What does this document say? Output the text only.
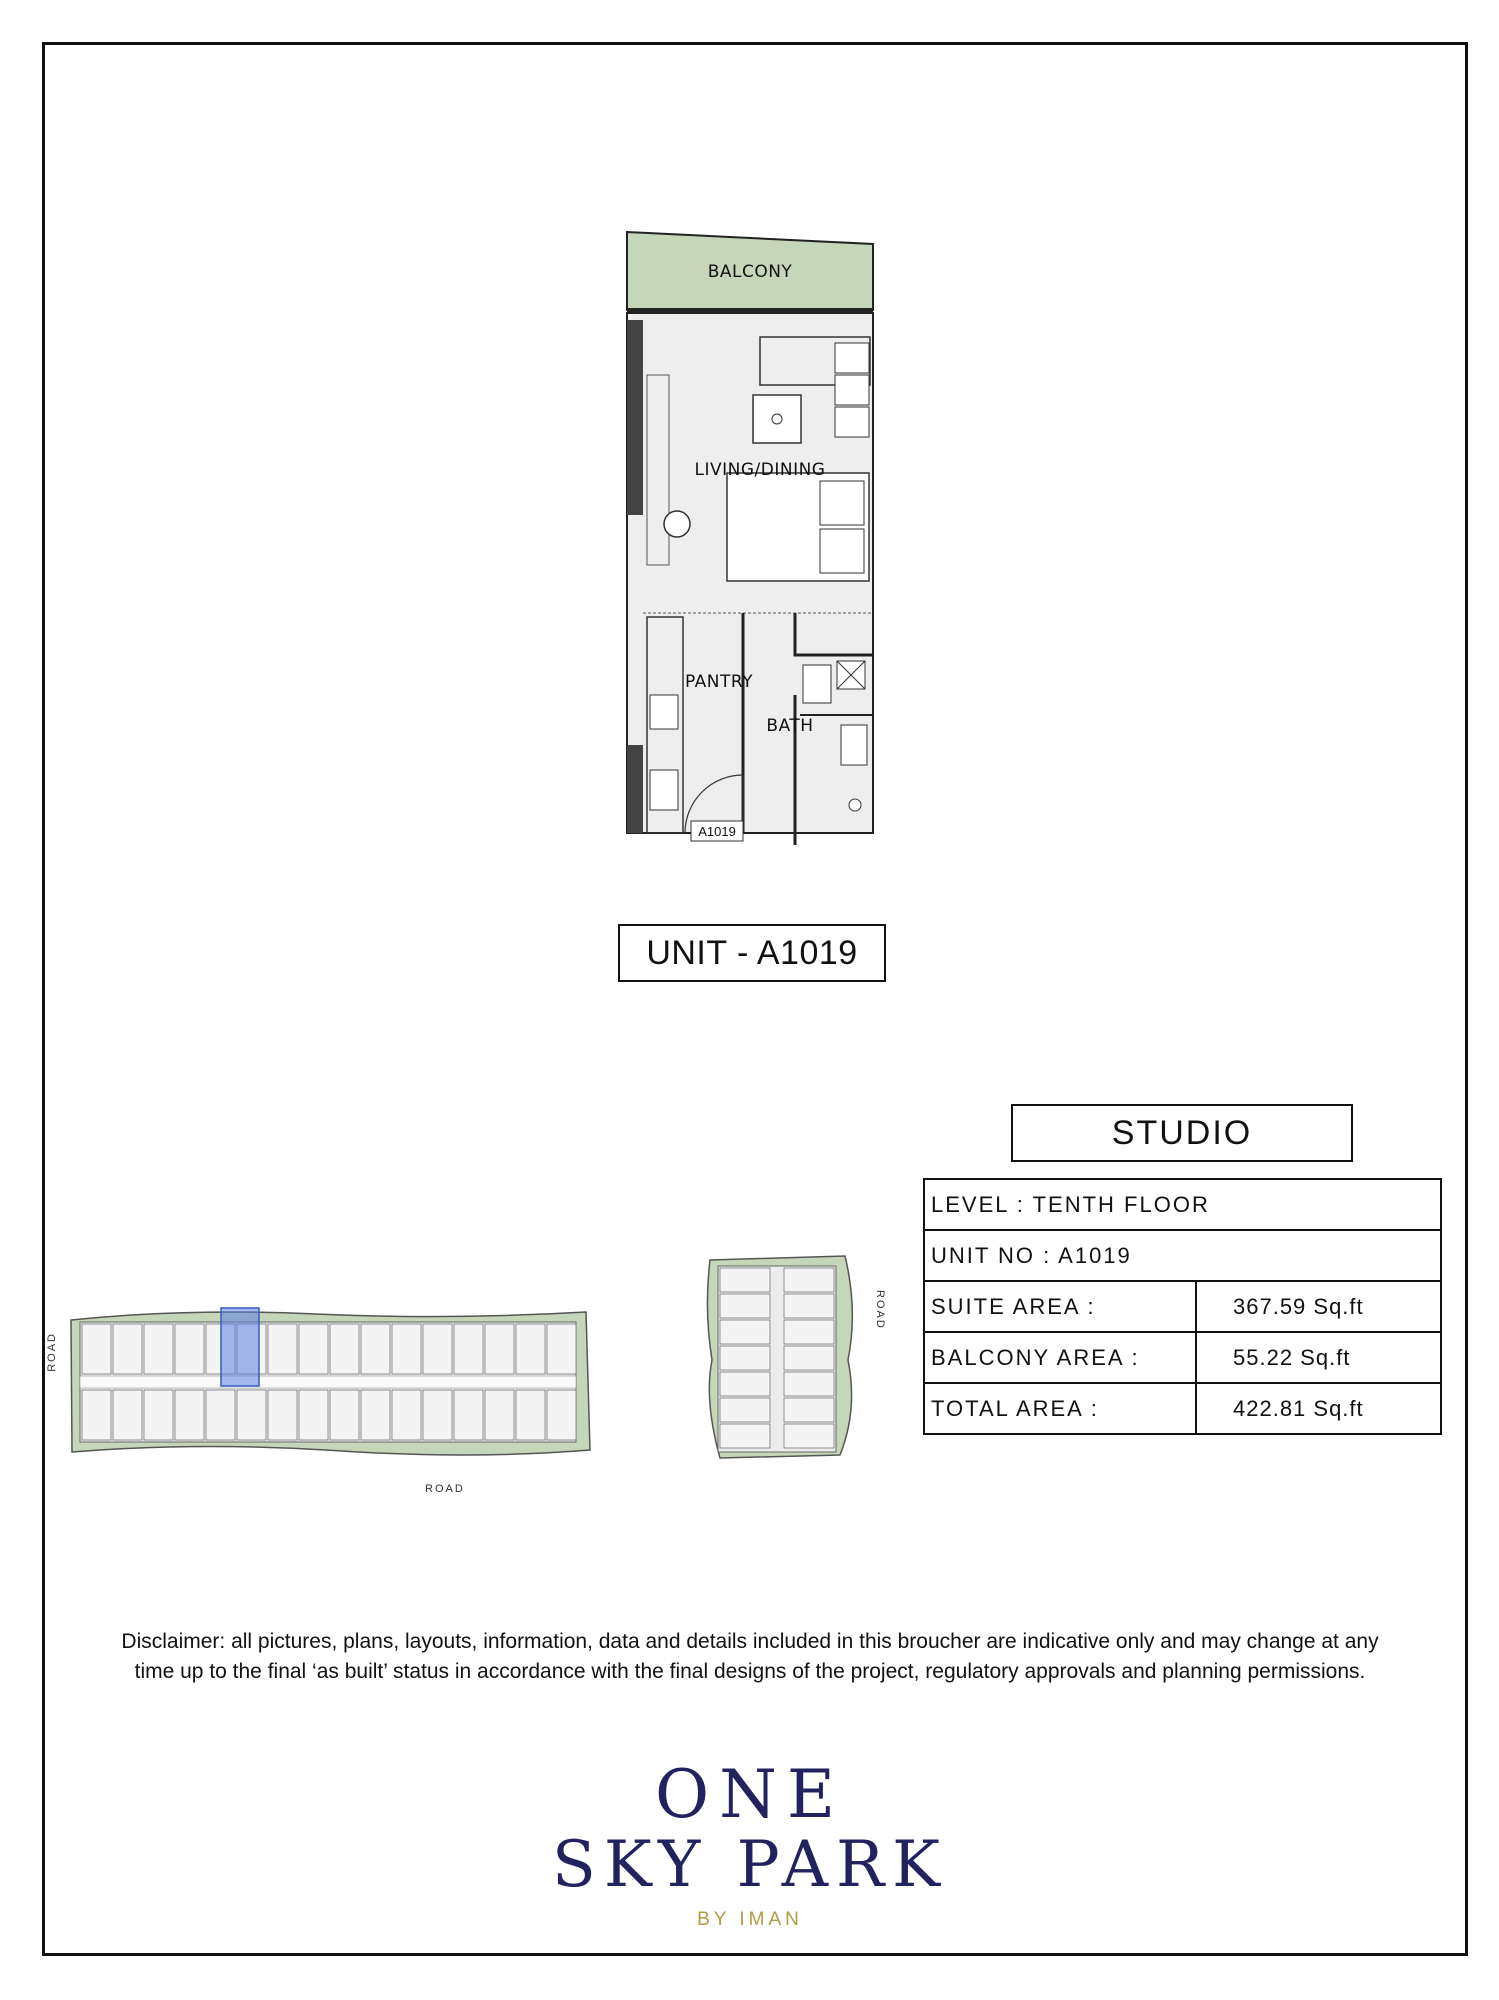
BALCONY
LIVING/DINING
PANTRY
BATH
A1019
UNIT - A1019
STUDIO
LEVEL : TENTH FLOOR	
UNIT NO : A1019	
SUITE AREA :	367.59 Sq.ft
BALCONY AREA :	55.22 Sq.ft
TOTAL AREA :	422.81 Sq.ft
ROAD
ROAD
ROAD
Disclaimer: all pictures, plans, layouts, information, data and details included in this broucher are indicative only and may change at any time up to the final ‘as built’ status in accordance with the final designs of the project, regulatory approvals and planning permissions.
ONE
SKY PARK
BY IMAN
